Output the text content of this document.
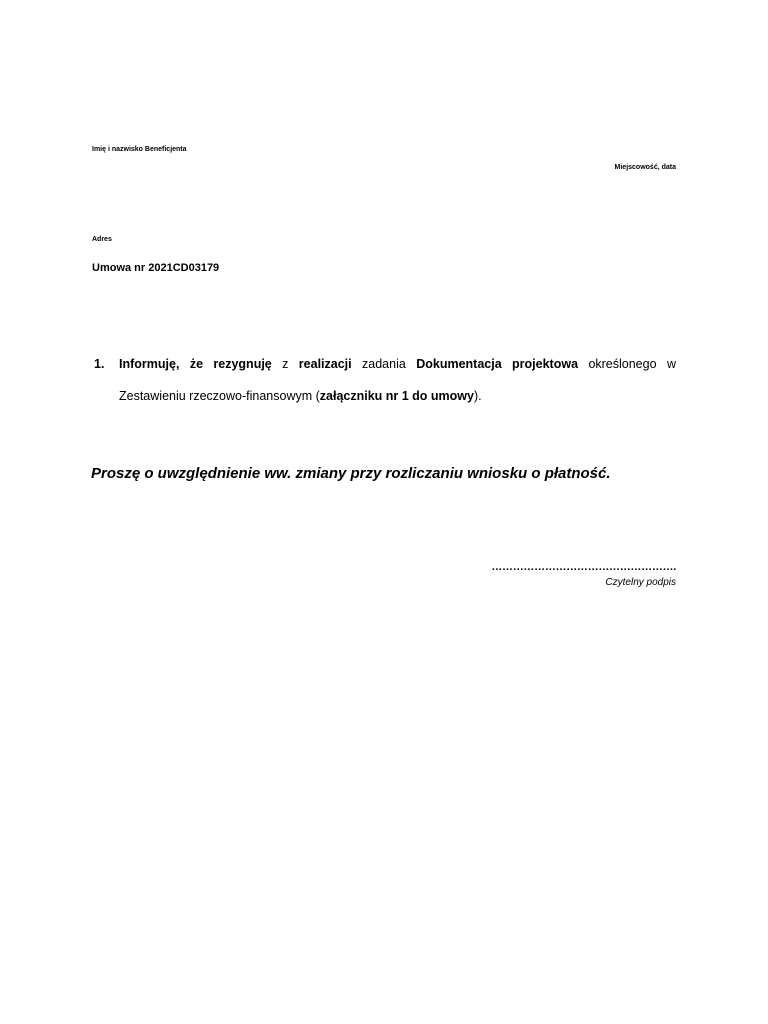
Imię i nazwisko Beneficjenta
Miejscowość, data
Adres
Umowa nr 2021CD03179
1.	Informuję, że rezygnuję z realizacji zadania Dokumentacja projektowa określonego w
Zestawieniu rzeczowo-finansowym (załączniku nr 1 do umowy).
Proszę o uwzględnienie ww. zmiany przy rozliczaniu wniosku o płatność.
…………………………………………….
Czytelny podpis
